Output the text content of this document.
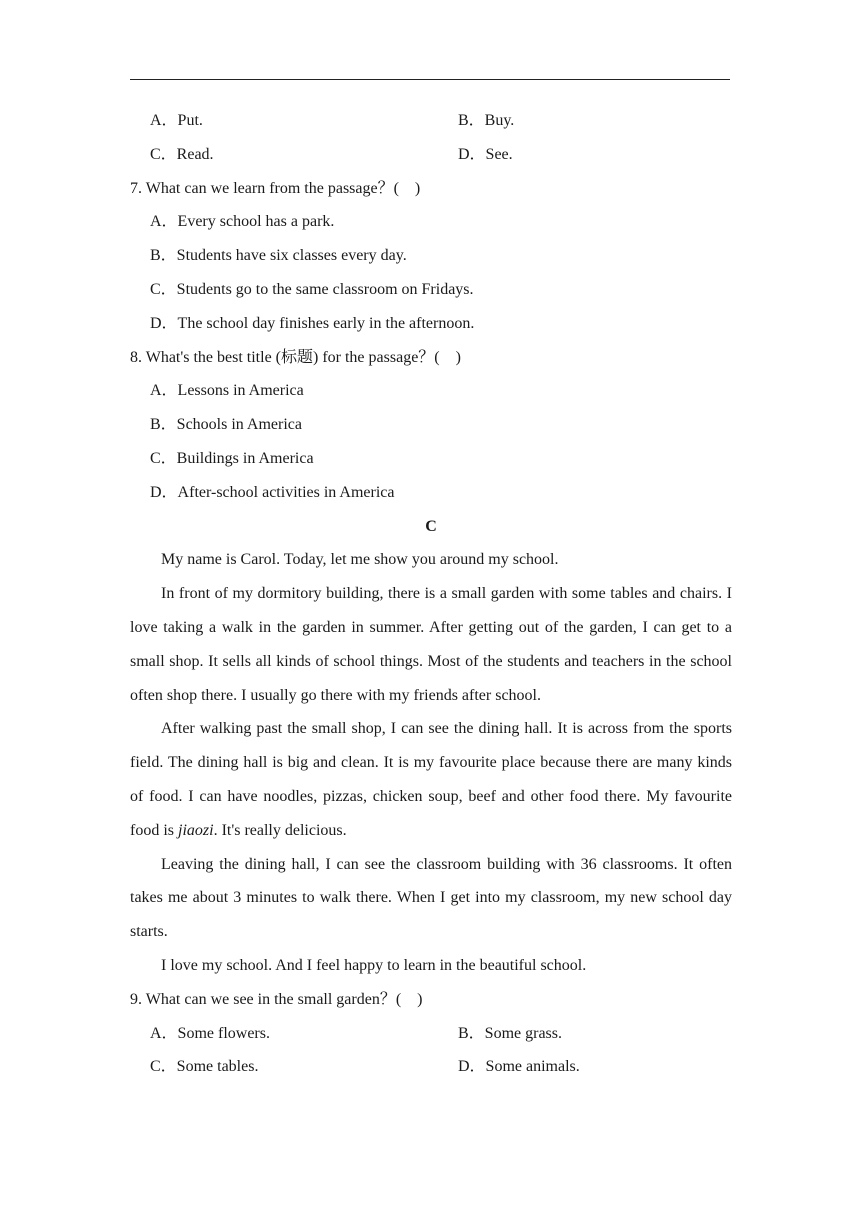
A．Put.	B．Buy.
C．Read.	D．See.
7. What can we learn from the passage？(　)
A．Every school has a park.
B．Students have six classes every day.
C．Students go to the same classroom on Fridays.
D．The school day finishes early in the afternoon.
8. What's the best title (标题) for the passage？(　)
A．Lessons in America
B．Schools in America
C．Buildings in America
D．After-school activities in America
C

My name is Carol. Today, let me show you around my school.

In front of my dormitory building, there is a small garden with some tables and chairs. I love taking a walk in the garden in summer. After getting out of the garden, I can get to a small shop. It sells all kinds of school things. Most of the students and teachers in the school often shop there. I usually go there with my friends after school.

After walking past the small shop, I can see the dining hall. It is across from the sports field. The dining hall is big and clean. It is my favourite place because there are many kinds of food. I can have noodles, pizzas, chicken soup, beef and other food there. My favourite food is jiaozi. It's really delicious.

Leaving the dining hall, I can see the classroom building with 36 classrooms. It often takes me about 3 minutes to walk there. When I get into my classroom, my new school day starts.

I love my school. And I feel happy to learn in the beautiful school.

9. What can we see in the small garden？(　)
A．Some flowers.	B．Some grass.
C．Some tables.	D．Some animals.
